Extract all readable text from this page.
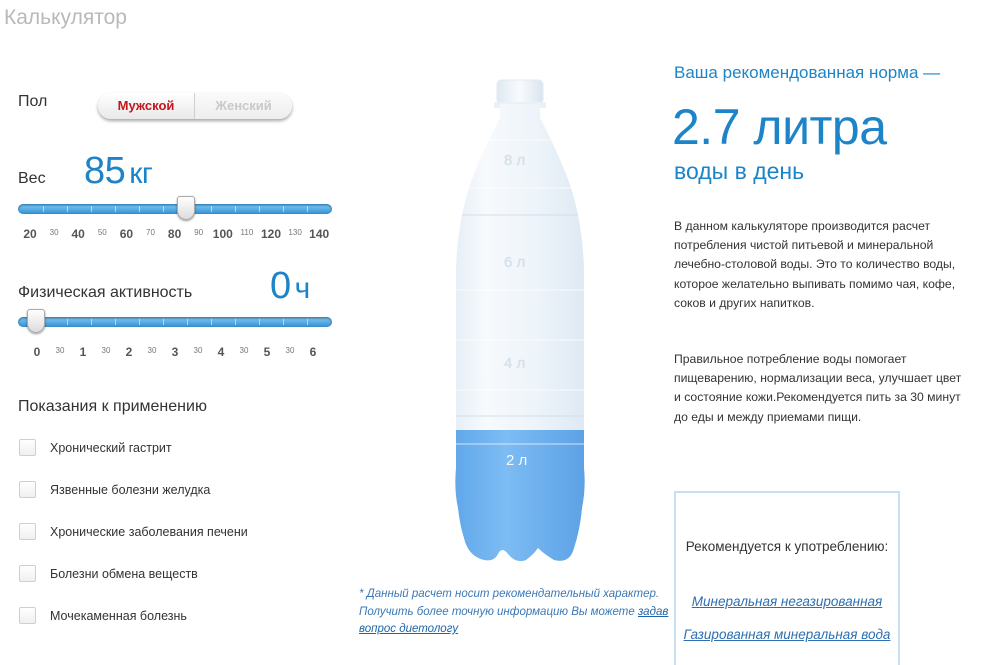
Калькулятор
Пол	Мужской	Женский
Вес 85 кг
20 30 40 50 60 70 80 90 100 110 120 130 140
Физическая активность 0 ч
0 30 1 30 2 30 3 30 4 30 5 30 6
Показания к применению
Хронический гастрит
Язвенные болезни желудка
Хронические заболевания печени
Болезни обмена веществ
Мочекаменная болезнь
8 л
6 л
4 л
2 л
* Данный расчет носит рекомендательный характер. Получить более точную информацию Вы можете задав вопрос диетологу
Ваша рекомендованная норма —
2.7 литра
воды в день
В данном калькуляторе производится расчет потребления чистой питьевой и минеральной лечебно-столовой воды. Это то количество воды, которое желательно выпивать помимо чая, кофе, соков и других напитков.
Правильное потребление воды помогает пищеварению, нормализации веса, улучшает цвет и состояние кожи.Рекомендуется пить за 30 минут до еды и между приемами пищи.
Рекомендуется к употреблению:
Минеральная негазированная
Газированная минеральная вода
